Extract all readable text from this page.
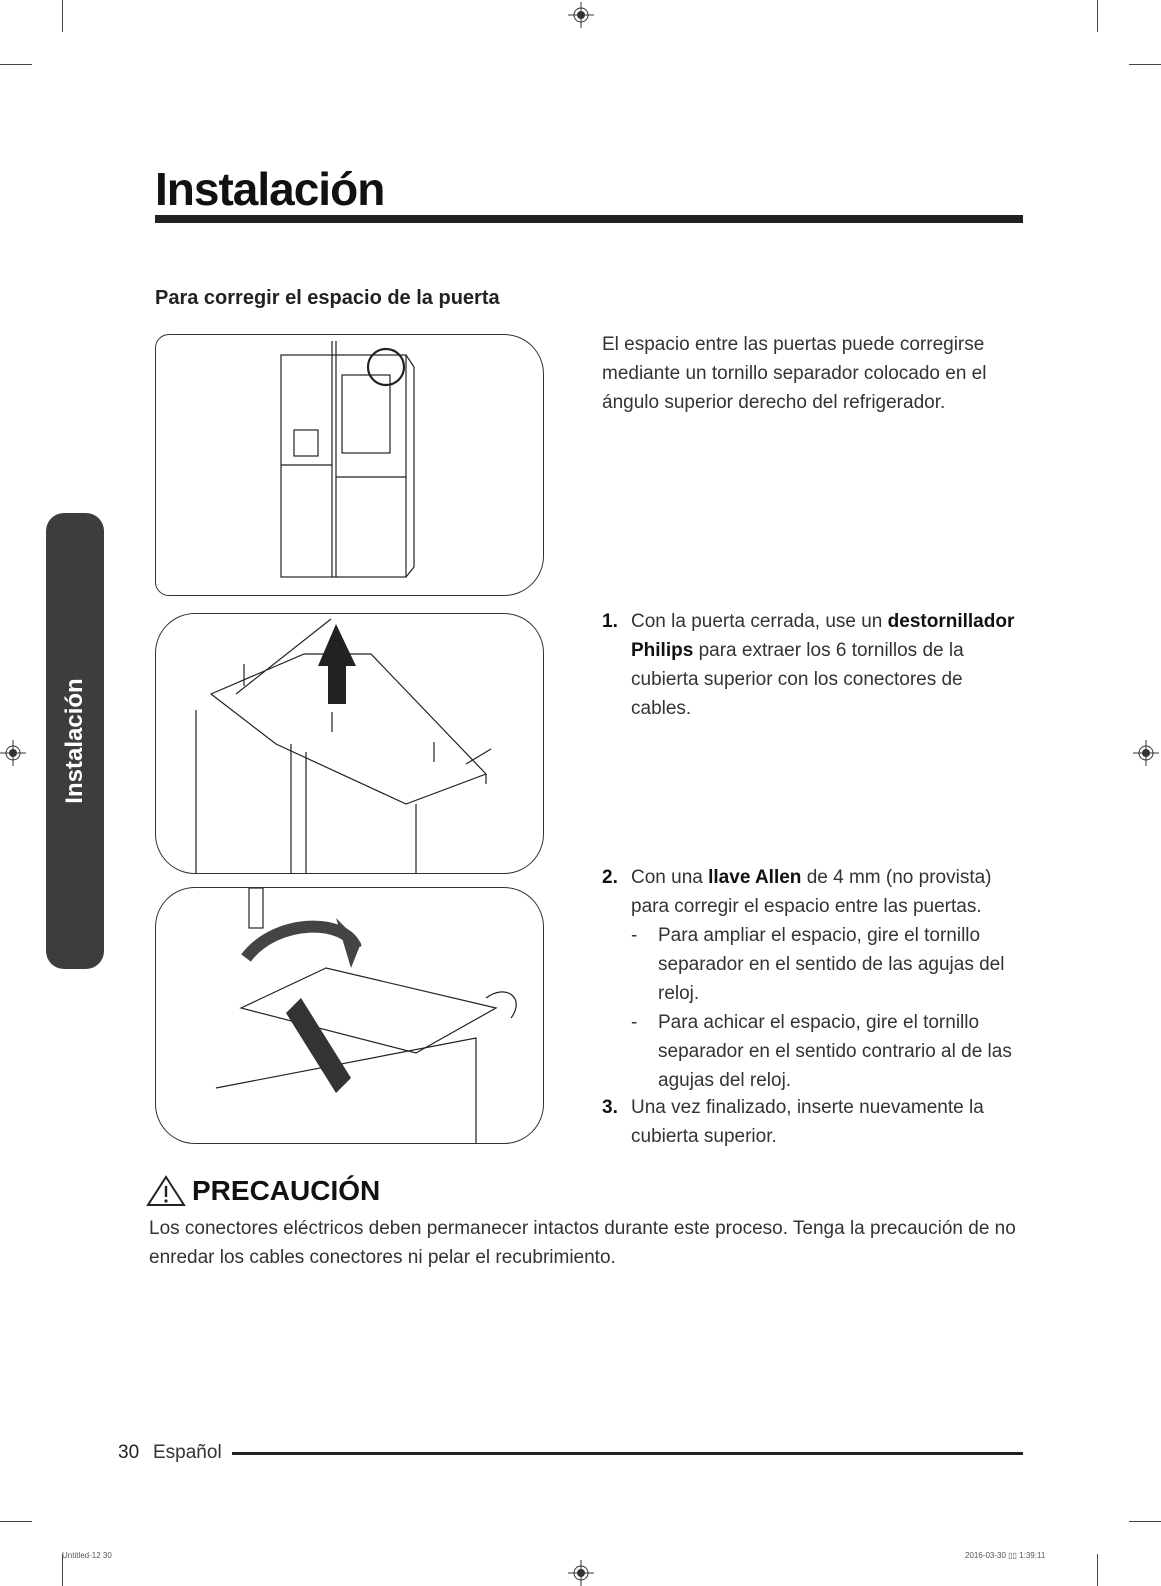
Instalación
Para corregir el espacio de la puerta
Instalación
El espacio entre las puertas puede corregirse mediante un tornillo separador colocado en el ángulo superior derecho del refrigerador.
1. Con la puerta cerrada, use un destornillador Philips para extraer los 6 tornillos de la cubierta superior con los conectores de cables.
2. Con una llave Allen de 4 mm (no provista) para corregir el espacio entre las puertas.
- Para ampliar el espacio, gire el tornillo separador en el sentido de las agujas del reloj.
- Para achicar el espacio, gire el tornillo separador en el sentido contrario al de las agujas del reloj.
3. Una vez finalizado, inserte nuevamente la cubierta superior.
PRECAUCIÓN

Los conectores eléctricos deben permanecer intactos durante este proceso. Tenga la precaución de no enredar los cables conectores ni pelar el recubrimiento.

30 Español
Untitled-12 30	2016-03-30 ▯▯ 1:39:11
